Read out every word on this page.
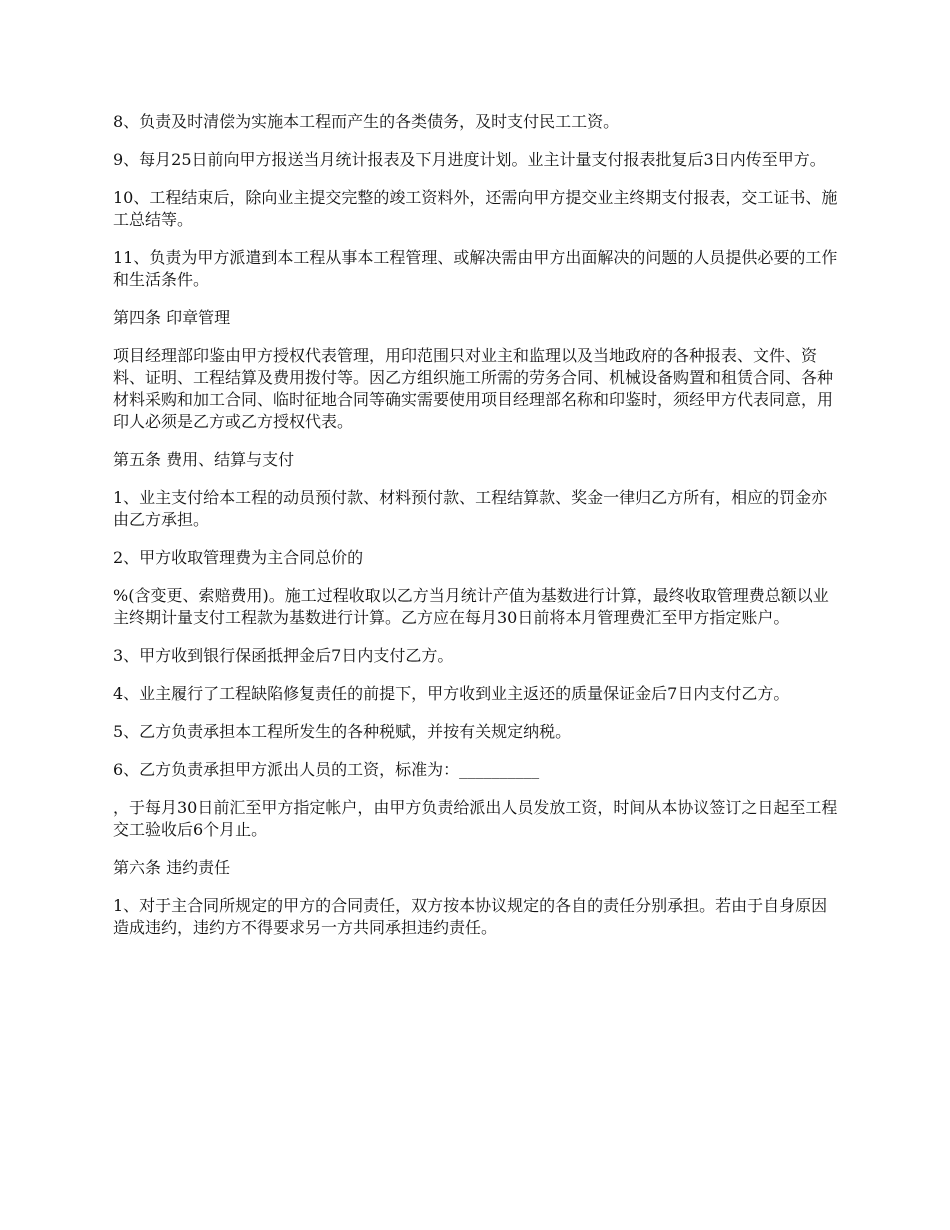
8、负责及时清偿为实施本工程而产生的各类债务，及时支付民工工资。

9、每月25日前向甲方报送当月统计报表及下月进度计划。业主计量支付报表批复后3日内传至甲方。

10、工程结束后，除向业主提交完整的竣工资料外，还需向甲方提交业主终期支付报表，交工证书、施工总结等。

11、负责为甲方派遣到本工程从事本工程管理、或解决需由甲方出面解决的问题的人员提供必要的工作和生活条件。

第四条 印章管理

项目经理部印鉴由甲方授权代表管理，用印范围只对业主和监理以及当地政府的各种报表、文件、资料、证明、工程结算及费用拨付等。因乙方组织施工所需的劳务合同、机械设备购置和租赁合同、各种材料采购和加工合同、临时征地合同等确实需要使用项目经理部名称和印鉴时，须经甲方代表同意，用印人必须是乙方或乙方授权代表。

第五条 费用、结算与支付

1、业主支付给本工程的动员预付款、材料预付款、工程结算款、奖金一律归乙方所有，相应的罚金亦由乙方承担。

2、甲方收取管理费为主合同总价的

%(含变更、索赔费用)。施工过程收取以乙方当月统计产值为基数进行计算，最终收取管理费总额以业主终期计量支付工程款为基数进行计算。乙方应在每月30日前将本月管理费汇至甲方指定账户。

3、甲方收到银行保函抵押金后7日内支付乙方。

4、业主履行了工程缺陷修复责任的前提下，甲方收到业主返还的质量保证金后7日内支付乙方。

5、乙方负责承担本工程所发生的各种税赋，并按有关规定纳税。

6、乙方负责承担甲方派出人员的工资，标准为：__________

，于每月30日前汇至甲方指定帐户，由甲方负责给派出人员发放工资，时间从本协议签订之日起至工程交工验收后6个月止。

第六条 违约责任

1、对于主合同所规定的甲方的合同责任，双方按本协议规定的各自的责任分别承担。若由于自身原因造成违约，违约方不得要求另一方共同承担违约责任。
